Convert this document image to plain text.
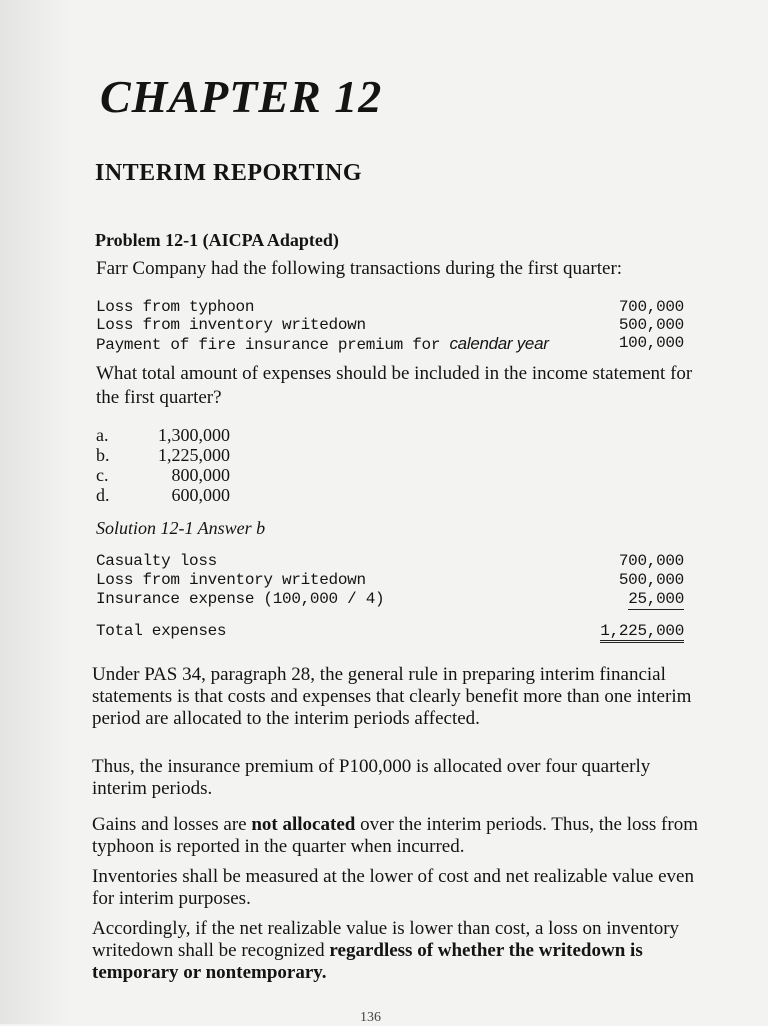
CHAPTER 12
INTERIM REPORTING
Problem 12-1 (AICPA Adapted)
Farr Company had the following transactions during the first quarter:
Loss from typhoon	700,000
Loss from inventory writedown	500,000
Payment of fire insurance premium for calendar year	100,000
What total amount of expenses should be included in the income statement for the first quarter?
a.	1,300,000
b.	1,225,000
c.	800,000
d.	600,000
Solution 12-1 Answer b
Casualty loss	700,000
Loss from inventory writedown	500,000
Insurance expense (100,000 / 4)	25,000
Total expenses	1,225,000
Under PAS 34, paragraph 28, the general rule in preparing interim financial statements is that costs and expenses that clearly benefit more than one interim period are allocated to the interim periods affected.
Thus, the insurance premium of P100,000 is allocated over four quarterly interim periods.
Gains and losses are not allocated over the interim periods. Thus, the loss from typhoon is reported in the quarter when incurred.
Inventories shall be measured at the lower of cost and net realizable value even for interim purposes.
Accordingly, if the net realizable value is lower than cost, a loss on inventory writedown shall be recognized regardless of whether the writedown is temporary or nontemporary.
136
